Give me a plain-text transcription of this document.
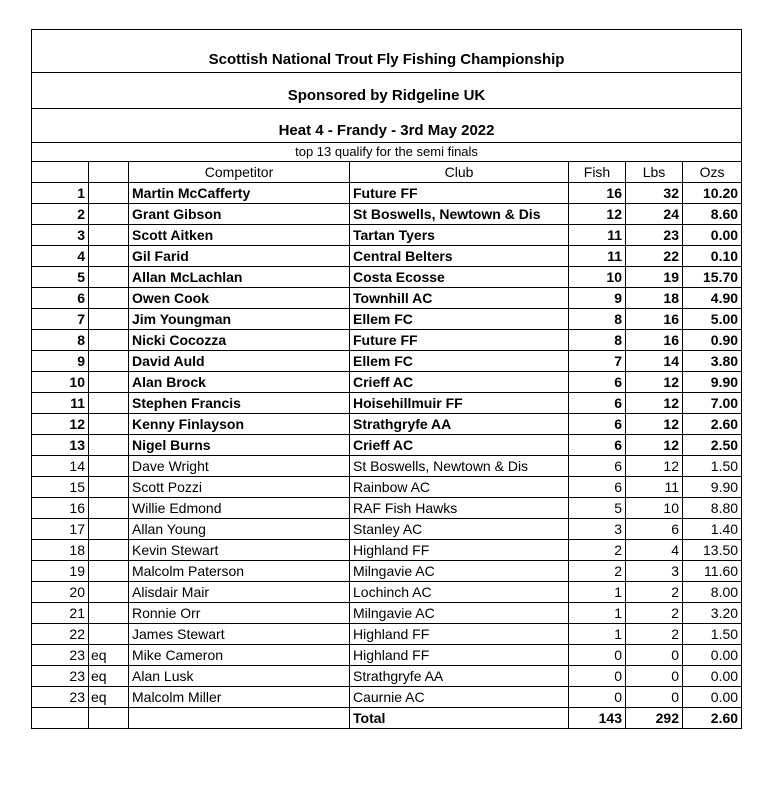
Scottish National Trout Fly Fishing Championship						
Sponsored by Ridgeline UK						
Heat 4 - Frandy - 3rd May 2022						
top 13 qualify for the semi finals						
		Competitor	Club	Fish	Lbs	Ozs
1		Martin McCafferty	Future FF	16	32	10.20
2		Grant Gibson	St Boswells, Newtown & Dis	12	24	8.60
3		Scott Aitken	Tartan Tyers	11	23	0.00
4		Gil Farid	Central Belters	11	22	0.10
5		Allan McLachlan	Costa Ecosse	10	19	15.70
6		Owen Cook	Townhill AC	9	18	4.90
7		Jim Youngman	Ellem FC	8	16	5.00
8		Nicki Cocozza	Future FF	8	16	0.90
9		David Auld	Ellem FC	7	14	3.80
10		Alan Brock	Crieff AC	6	12	9.90
11		Stephen Francis	Hoisehillmuir FF	6	12	7.00
12		Kenny Finlayson	Strathgryfe AA	6	12	2.60
13		Nigel Burns	Crieff AC	6	12	2.50
14		Dave Wright	St Boswells, Newtown & Dis	6	12	1.50
15		Scott Pozzi	Rainbow AC	6	11	9.90
16		Willie Edmond	RAF Fish Hawks	5	10	8.80
17		Allan Young	Stanley AC	3	6	1.40
18		Kevin Stewart	Highland FF	2	4	13.50
19		Malcolm Paterson	Milngavie AC	2	3	11.60
20		Alisdair Mair	Lochinch AC	1	2	8.00
21		Ronnie Orr	Milngavie AC	1	2	3.20
22		James Stewart	Highland FF	1	2	1.50
23	eq	Mike Cameron	Highland FF	0	0	0.00
23	eq	Alan Lusk	Strathgryfe AA	0	0	0.00
23	eq	Malcolm Miller	Caurnie AC	0	0	0.00
			Total	143	292	2.60
